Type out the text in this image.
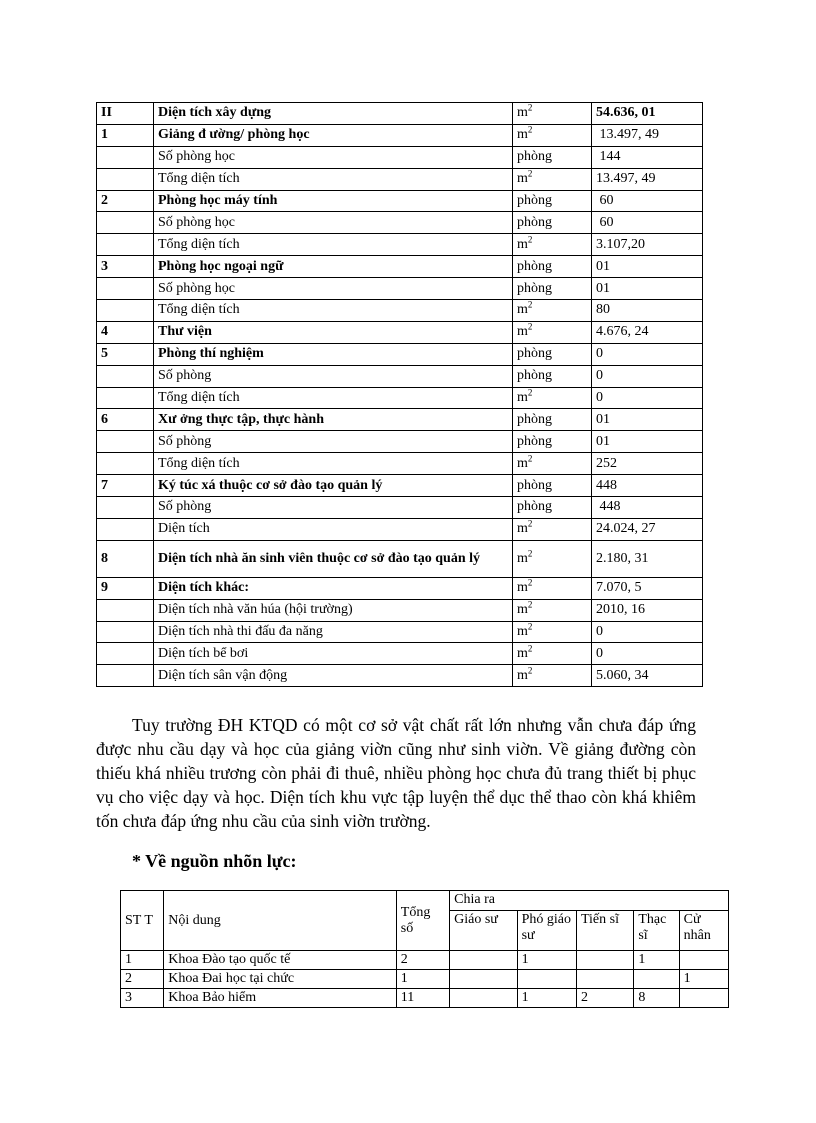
II	Diện tích xây dựng	$m^2$	54.636, 01
1	Giảng đ ường/ phòng học	$m^2$	13.497, 49
	Số phòng học	phòng	144
	Tổng diện tích	$m^2$	13.497, 49
2	Phòng học máy tính	phòng	60
	Số phòng học	phòng	60
	Tổng diện tích	$m^2$	3.107,20
3	Phòng học ngoại ngữ	phòng	01
	Số phòng học	phòng	01
	Tổng diện tích	$m^2$	80
4	Thư viện	$m^2$	4.676, 24
5	Phòng thí nghiệm	phòng	0
	Số phòng	phòng	0
	Tổng diện tích	$m^2$	0
6	Xư ởng thực tập, thực hành	phòng	01
	Số phòng	phòng	01
	Tổng diện tích	$m^2$	252
7	Ký túc xá thuộc cơ sở đào tạo quản lý	phòng	448
	Số phòng	phòng	448
	Diện tích	$m^2$	24.024, 27
8	Diện tích nhà ăn sinh viên thuộc cơ sở đào tạo quản lý	$m^2$	2.180, 31
9	Diện tích khác:	$m^2$	7.070, 5
	Diện tích nhà văn húa (hội trường)	$m^2$	2010, 16
	Diện tích nhà thi đấu đa năng	$m^2$	0
	Diện tích bể bơi	$m^2$	0
	Diện tích sân vận động	$m^2$	5.060, 34

Tuy trường ĐH KTQD có một cơ sở vật chất rất lớn nhưng vẫn chưa đáp ứng được nhu cầu dạy và học của giảng viờn cũng như sinh viờn. Về giảng đường còn thiếu khá nhiều trương còn phải đi thuê, nhiều phòng học chưa đủ trang thiết bị phục vụ cho việc dạy và học. Diện tích khu vực tập luyện thể dục thể thao còn khá khiêm tốn chưa đáp ứng nhu cầu của sinh viờn trường.

* Về nguồn nhõn lực:
ST T	Nội dung	Tổng số	Chia ra				
			Giáo sư	Phó giáo sư	Tiến sĩ	Thạc sĩ	Cử nhân
1	Khoa Đào tạo quốc tế	2		1		1	
2	Khoa Đai học tại chức	1					1
3	Khoa Bảo hiểm	11		1	2	8	
